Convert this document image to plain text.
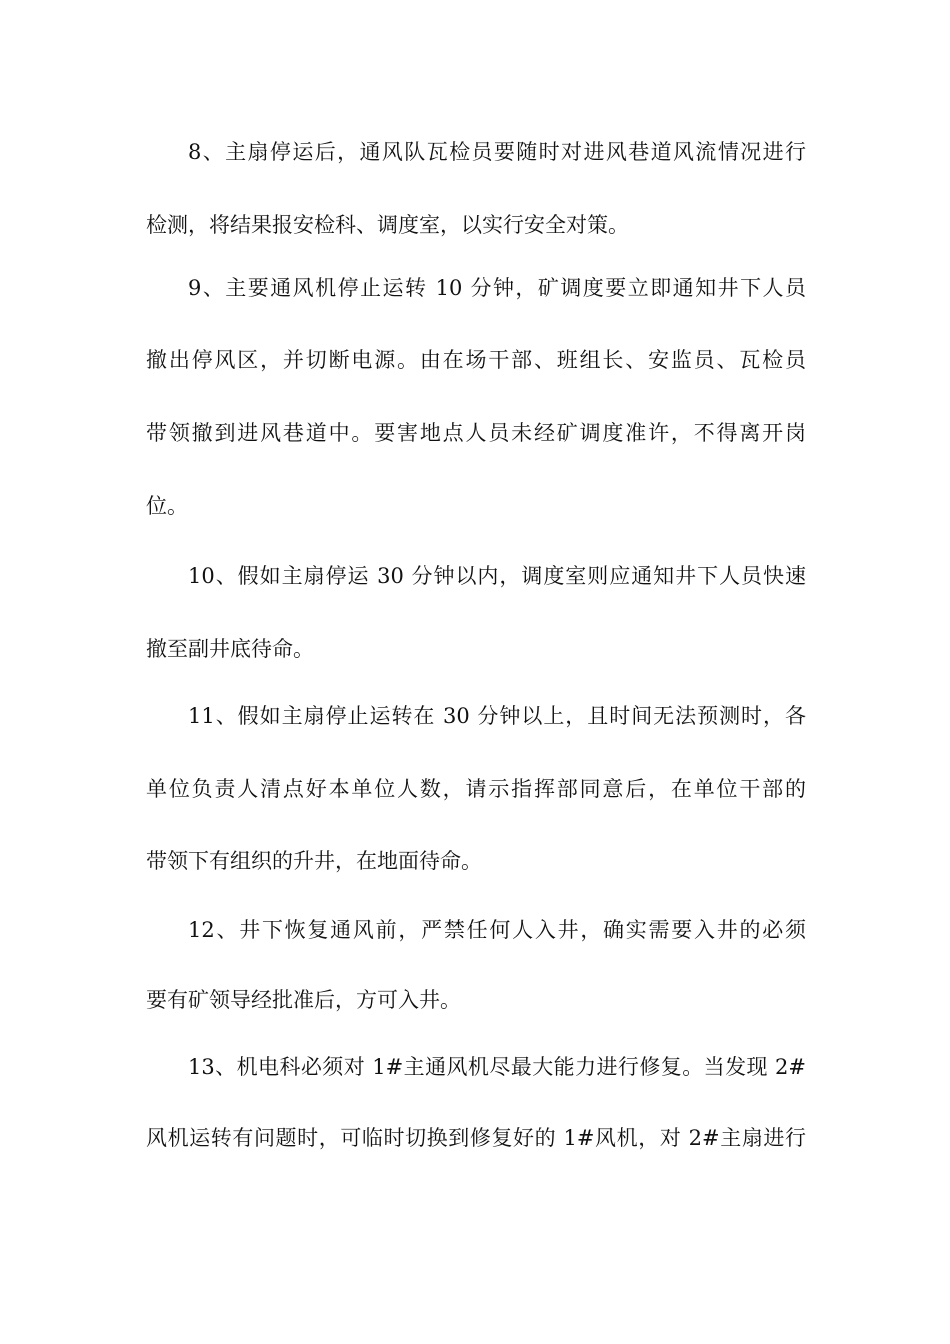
8、主扇停运后，通风队瓦检员要随时对进风巷道风流情况进行
检测，将结果报安检科、调度室，以实行安全对策。
9、主要通风机停止运转 10 分钟，矿调度要立即通知井下人员
撤出停风区，并切断电源。由在场干部、班组长、安监员、瓦检员
带领撤到进风巷道中。要害地点人员未经矿调度准许，不得离开岗
位。
10、假如主扇停运 30 分钟以内，调度室则应通知井下人员快速
撤至副井底待命。
11、假如主扇停止运转在 30 分钟以上，且时间无法预测时，各
单位负责人清点好本单位人数，请示指挥部同意后，在单位干部的
带领下有组织的升井，在地面待命。
12、井下恢复通风前，严禁任何人入井，确实需要入井的必须
要有矿领导经批准后，方可入井。
13、机电科必须对 1#主通风机尽最大能力进行修复。当发现 2#
风机运转有问题时，可临时切换到修复好的 1#风机，对 2#主扇进行
